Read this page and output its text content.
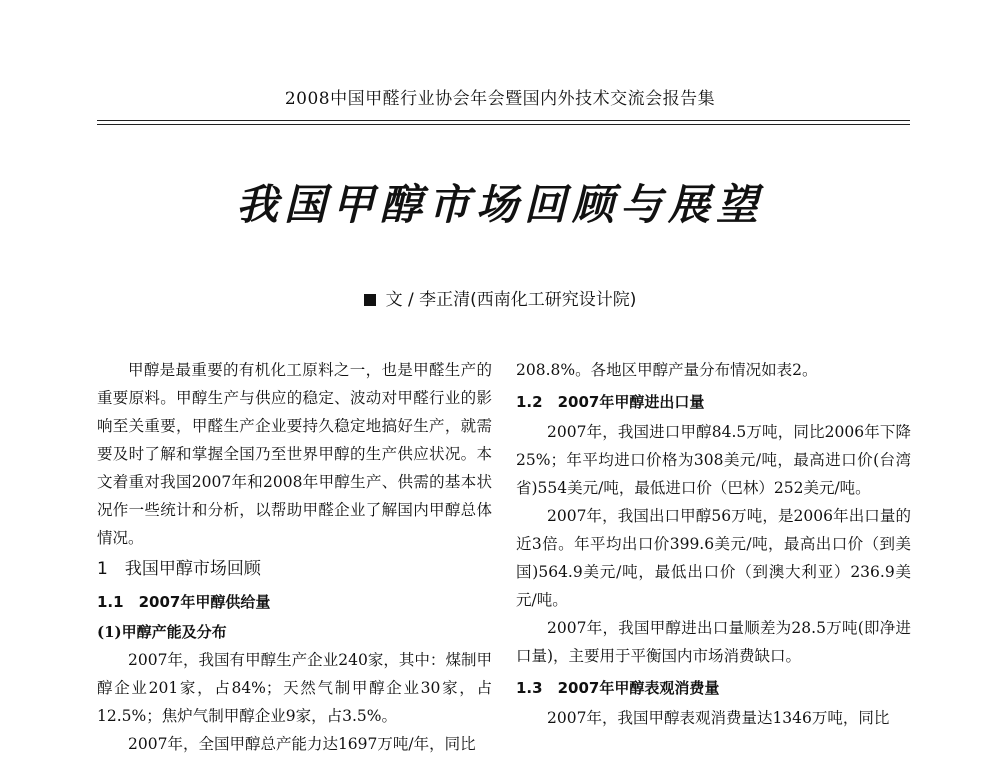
2008中国甲醛行业协会年会暨国内外技术交流会报告集
我国甲醇市场回顾与展望
文 / 李正清(西南化工研究设计院)

甲醇是最重要的有机化工原料之一，也是甲醛生产的重要原料。甲醇生产与供应的稳定、波动对甲醛行业的影响至关重要，甲醛生产企业要持久稳定地搞好生产，就需要及时了解和掌握全国乃至世界甲醇的生产供应状况。本文着重对我国2007年和2008年甲醇生产、供需的基本状况作一些统计和分析，以帮助甲醛企业了解国内甲醇总体情况。

1　我国甲醇市场回顾
1.1　2007年甲醇供给量
(1)甲醇产能及分布

2007年，我国有甲醇生产企业240家，其中：煤制甲醇企业201家，占84%；天然气制甲醇企业30家，占12.5%；焦炉气制甲醇企业9家，占3.5%。

2007年，全国甲醇总产能力达1697万吨/年，同比

208.8%。各地区甲醇产量分布情况如表2。

1.2　2007年甲醇进出口量

2007年，我国进口甲醇84.5万吨，同比2006年下降25%；年平均进口价格为308美元/吨，最高进口价(台湾省)554美元/吨，最低进口价（巴林）252美元/吨。

2007年，我国出口甲醇56万吨，是2006年出口量的近3倍。年平均出口价399.6美元/吨，最高出口价（到美国)564.9美元/吨，最低出口价（到澳大利亚）236.9美元/吨。

2007年，我国甲醇进出口量顺差为28.5万吨(即净进口量)，主要用于平衡国内市场消费缺口。

1.3　2007年甲醇表观消费量

2007年，我国甲醇表观消费量达1346万吨，同比
